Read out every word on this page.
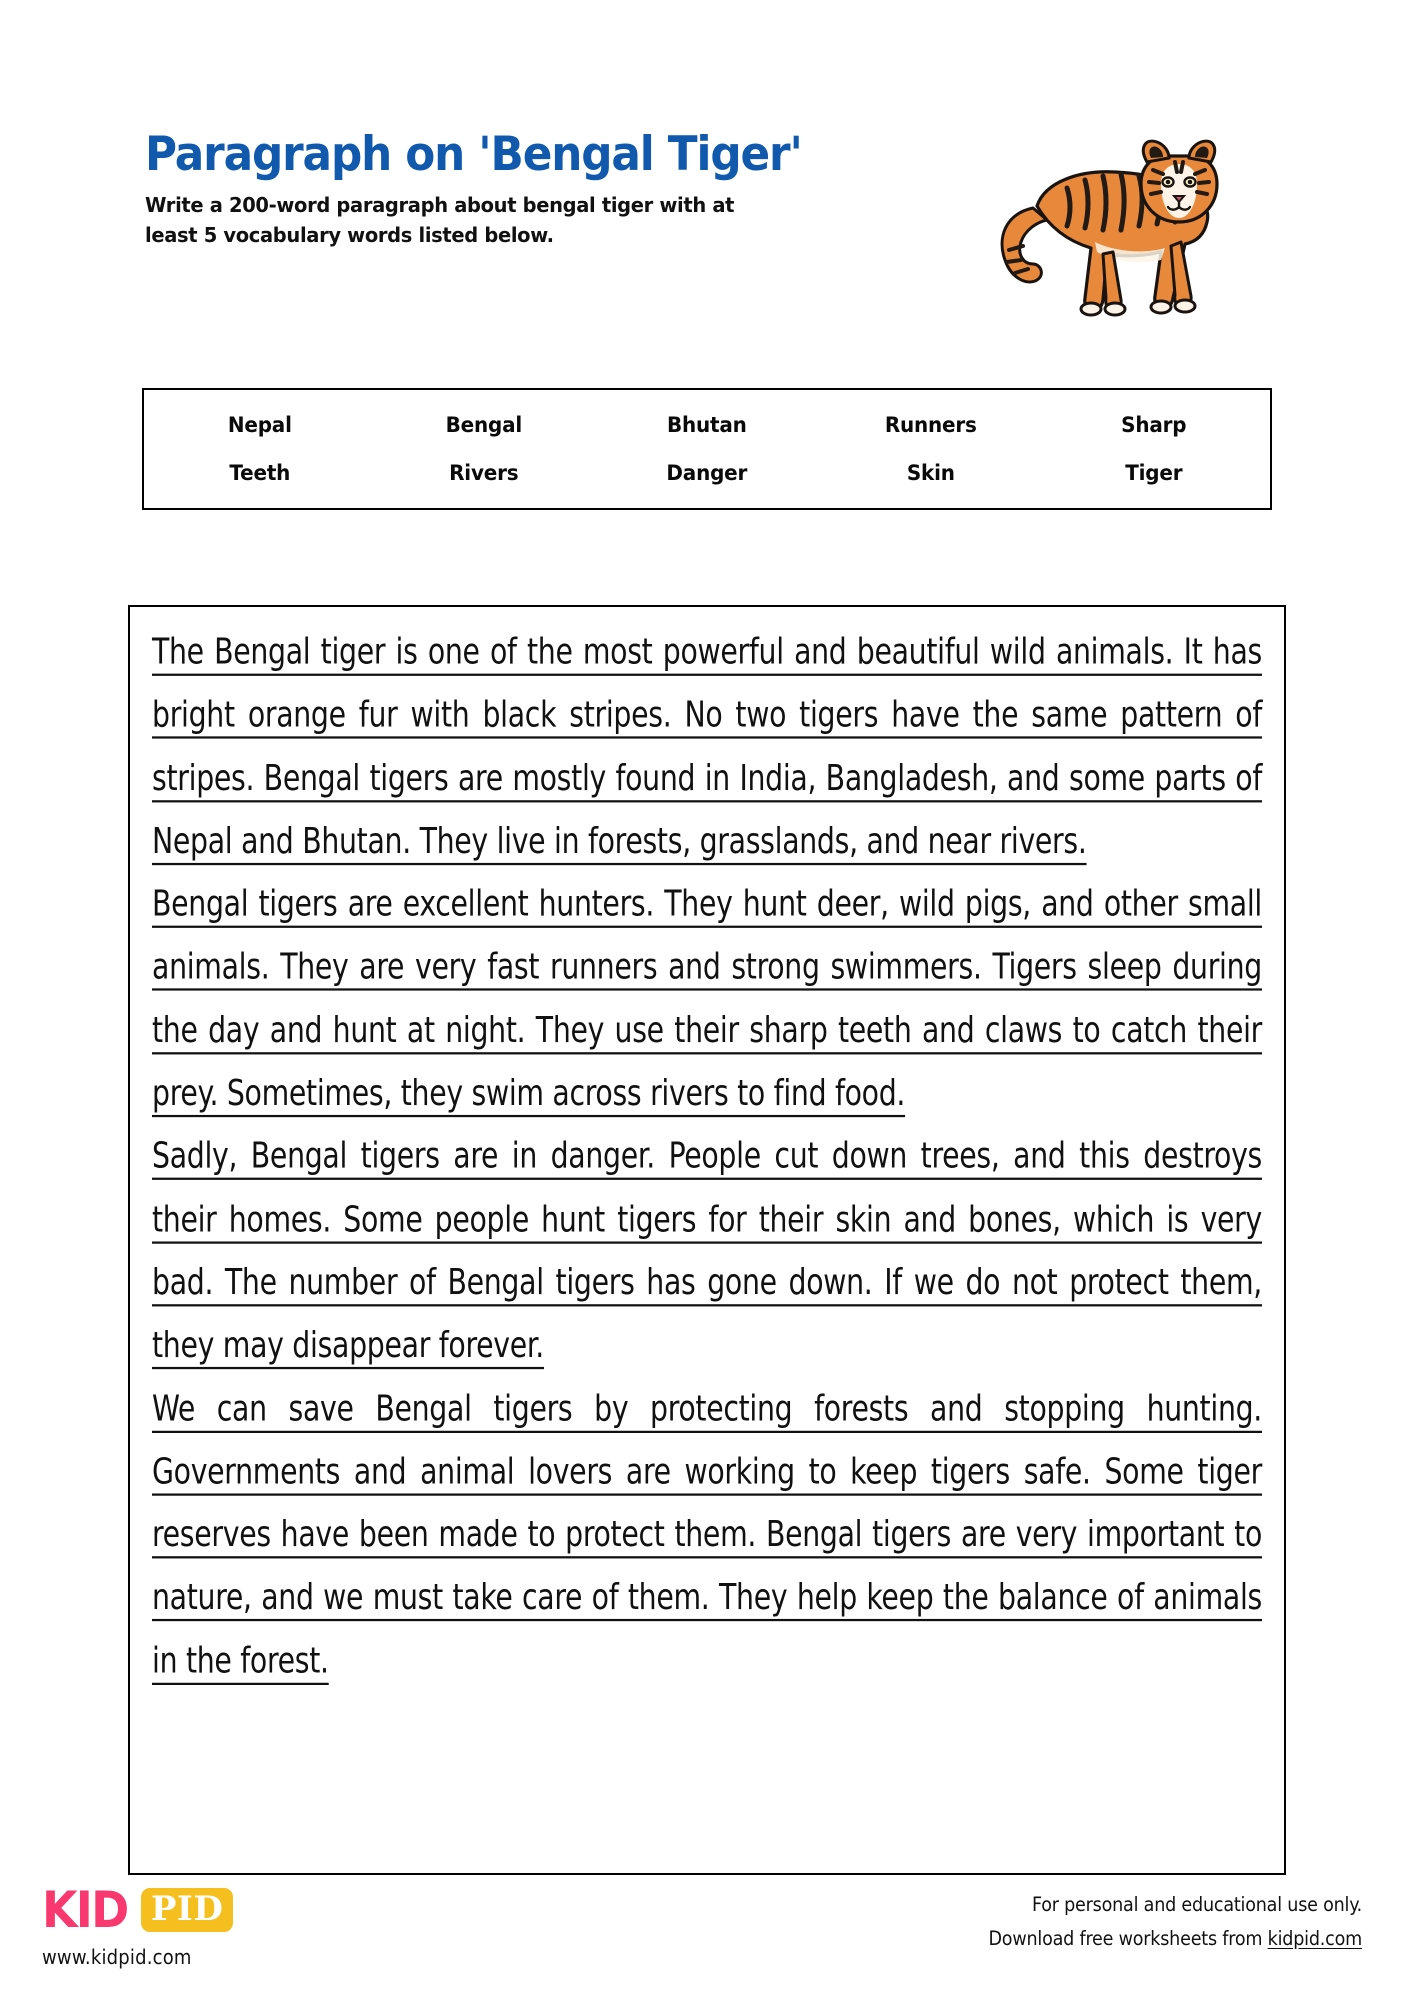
Paragraph on 'Bengal Tiger'

Write a 200-word paragraph about bengal tiger with at least 5 vocabulary words listed below.

Nepal	Bengal	Bhutan	Runners	Sharp
Teeth	Rivers	Danger	Skin	Tiger

The Bengal tiger is one of the most powerful and beautiful wild animals. It has bright orange fur with black stripes. No two tigers have the same pattern of stripes. Bengal tigers are mostly found in India, Bangladesh, and some parts of Nepal and Bhutan. They live in forests, grasslands, and near rivers.

Bengal tigers are excellent hunters. They hunt deer, wild pigs, and other small animals. They are very fast runners and strong swimmers. Tigers sleep during the day and hunt at night. They use their sharp teeth and claws to catch their prey. Sometimes, they swim across rivers to find food.

Sadly, Bengal tigers are in danger. People cut down trees, and this destroys their homes. Some people hunt tigers for their skin and bones, which is very bad. The number of Bengal tigers has gone down. If we do not protect them, they may disappear forever.

We can save Bengal tigers by protecting forests and stopping hunting. Governments and animal lovers are working to keep tigers safe. Some tiger reserves have been made to protect them. Bengal tigers are very important to nature, and we must take care of them. They help keep the balance of animals in the forest.

KID PID
www.kidpid.com
For personal and educational use only.
Download free worksheets from kidpid.com
